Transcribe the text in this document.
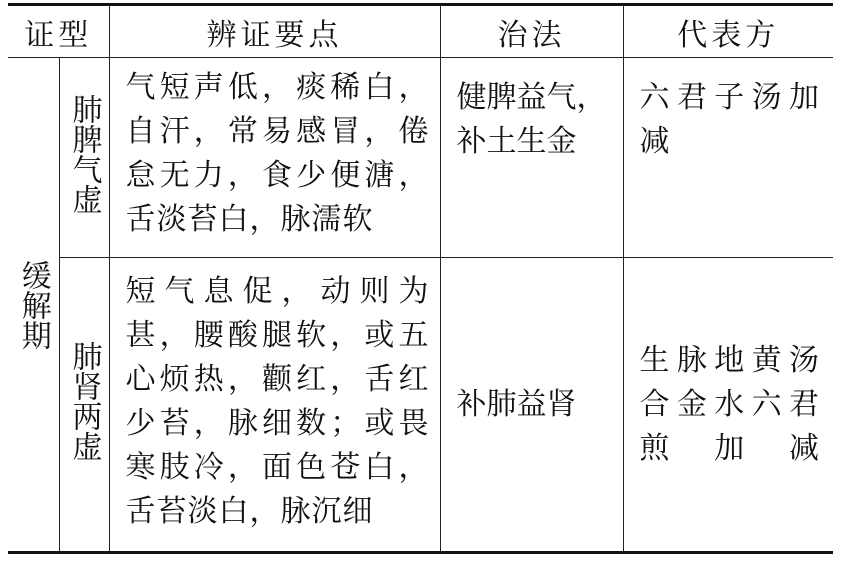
证型		辨证要点	治法	代表方
缓解期	肺脾气虚	气短声低，痰稀白，自汗，常易感冒，倦怠无力，食少便溏，舌淡苔白，脉濡软	健脾益气，补土生金	六君子汤加减

	肺肾两虚	短气息促，动则为甚，腰酸腿软，或五心烦热，颧红，舌红少苔，脉细数；或畏寒肢冷，面色苍白，舌苔淡白，脉沉细	补肺益肾	生脉地黄汤合金水六君煎加减
